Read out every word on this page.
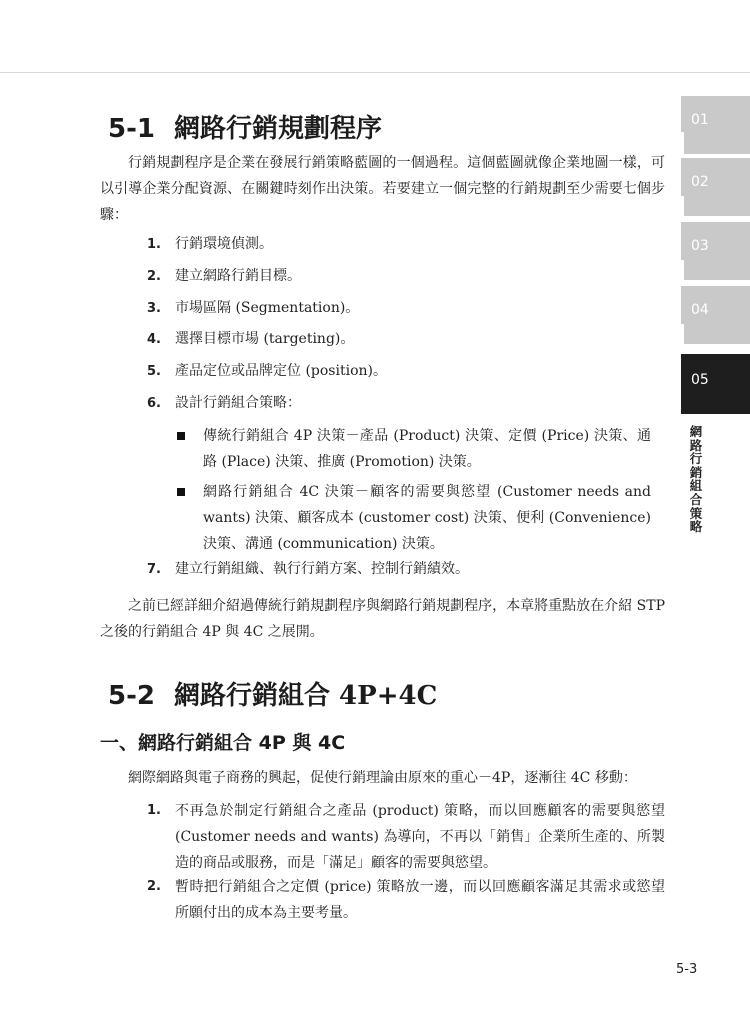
01
02
03
04
05
網路行銷組合策略
5-1 網路行銷規劃程序

行銷規劃程序是企業在發展行銷策略藍圖的一個過程。這個藍圖就像企業地圖一樣，可以引導企業分配資源、在關鍵時刻作出決策。若要建立一個完整的行銷規劃至少需要七個步驟：

1. 行銷環境偵測。
2. 建立網路行銷目標。
3. 市場區隔 (Segmentation)。
4. 選擇目標市場 (targeting)。
5. 產品定位或品牌定位 (position)。
6. 設計行銷組合策略：
傳統行銷組合 4P 決策－產品 (Product) 決策、定價 (Price) 決策、通路 (Place) 決策、推廣 (Promotion) 決策。
網路行銷組合 4C 決策－顧客的需要與慾望 (Customer needs and wants) 決策、顧客成本 (customer cost) 決策、便利 (Convenience) 決策、溝通 (communication) 決策。
7. 建立行銷組織、執行行銷方案、控制行銷績效。

之前已經詳細介紹過傳統行銷規劃程序與網路行銷規劃程序，本章將重點放在介紹 STP 之後的行銷組合 4P 與 4C 之展開。

5-2 網路行銷組合 4P+4C
一、網路行銷組合 4P 與 4C

網際網路與電子商務的興起，促使行銷理論由原來的重心－4P，逐漸往 4C 移動：

1. 不再急於制定行銷組合之產品 (product) 策略，而以回應顧客的需要與慾望 (Customer needs and wants) 為導向，不再以「銷售」企業所生產的、所製造的商品或服務，而是「滿足」顧客的需要與慾望。
2. 暫時把行銷組合之定價 (price) 策略放一邊，而以回應顧客滿足其需求或慾望所願付出的成本為主要考量。
5-3
